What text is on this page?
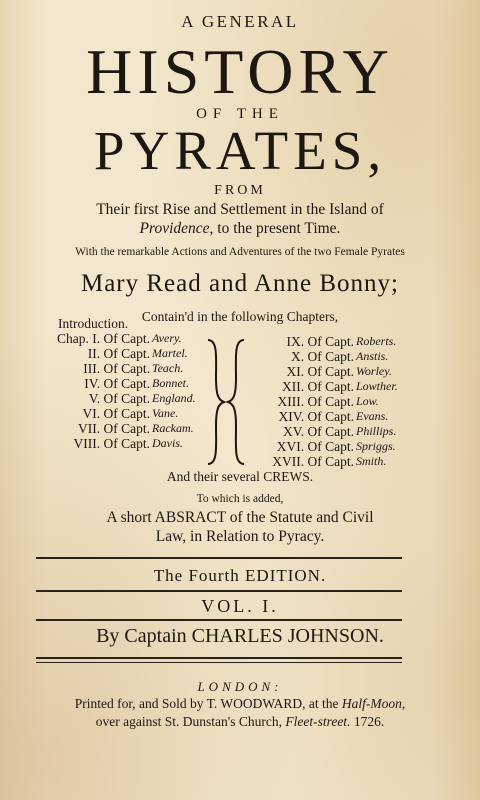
A GENERAL
HISTORY
OF THE
PYRATES,
FROM
Their first Rise and Settlement in the Island of
Providence, to the present Time.
With the remarkable Actions and Adventures of the two Female Pyrates
Mary Read and Anne Bonny;
Contain'd in the following Chapters,
Introduction.
Chap. I. Of Capt.
II. Of Capt.
III. Of Capt.
IV. Of Capt.
V. Of Capt.
VI. Of Capt.
VII. Of Capt.
VIII. Of Capt.
Avery.
Martel.
Teach.
Bonnet.
England.
Vane.
Rackam.
Davis.
IX. Of Capt.
X. Of Capt.
XI. Of Capt.
XII. Of Capt.
XIII. Of Capt.
XIV. Of Capt.
XV. Of Capt.
XVI. Of Capt.
XVII. Of Capt.
Roberts.
Anstis.
Worley.
Lowther.
Low.
Evans.
Phillips.
Spriggs.
Smith.
And their several CREWS.
To which is added,
A short ABSRACT of the Statute and Civil
Law, in Relation to Pyracy.
The Fourth EDITION.
VOL. I.
By Captain CHARLES JOHNSON.
LONDON:
Printed for, and Sold by T. WOODWARD, at the Half-Moon,
over against St. Dunstan's Church, Fleet-street. 1726.
